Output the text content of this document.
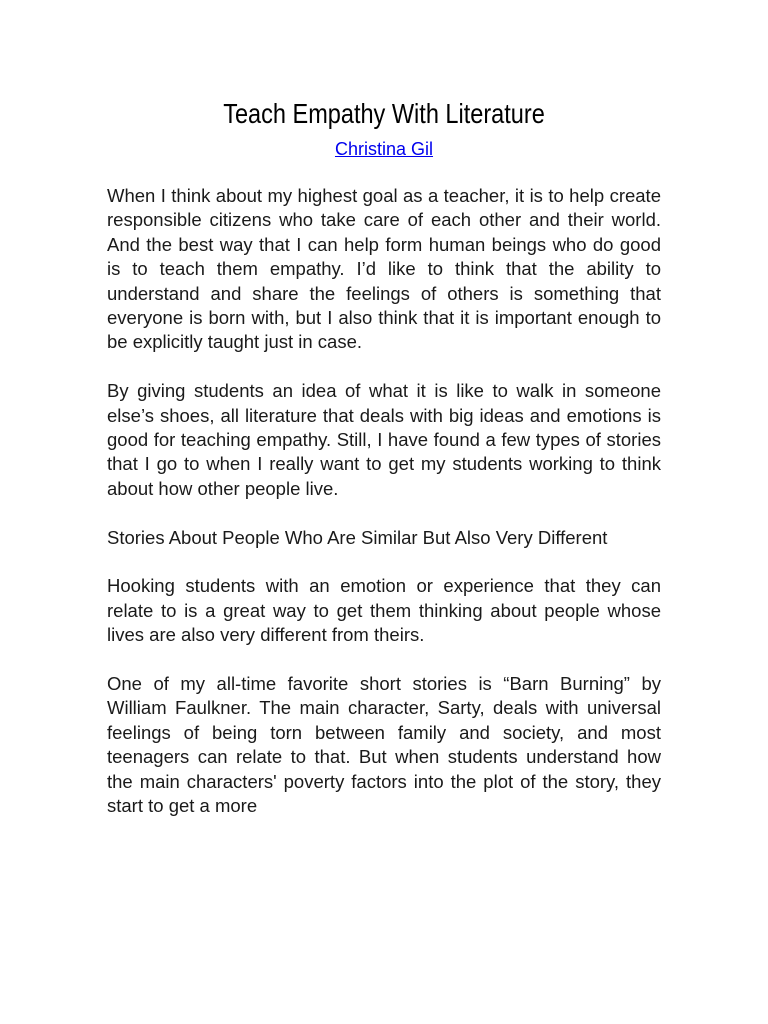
Teach Empathy With Literature
Christina Gil

When I think about my highest goal as a teacher, it is to help create responsible citizens who take care of each other and their world. And the best way that I can help form human beings who do good is to teach them empathy. I’d like to think that the ability to understand and share the feelings of others is something that everyone is born with, but I also think that it is important enough to be explicitly taught just in case.

By giving students an idea of what it is like to walk in someone else’s shoes, all literature that deals with big ideas and emotions is good for teaching empathy. Still, I have found a few types of stories that I go to when I really want to get my students working to think about how other people live.

Stories About People Who Are Similar But Also Very Different

Hooking students with an emotion or experience that they can relate to is a great way to get them thinking about people whose lives are also very different from theirs.

One of my all-time favorite short stories is “Barn Burning” by William Faulkner. The main character, Sarty, deals with universal feelings of being torn between family and society, and most teenagers can relate to that. But when students understand how the main characters' poverty factors into the plot of the story, they start to get a more
